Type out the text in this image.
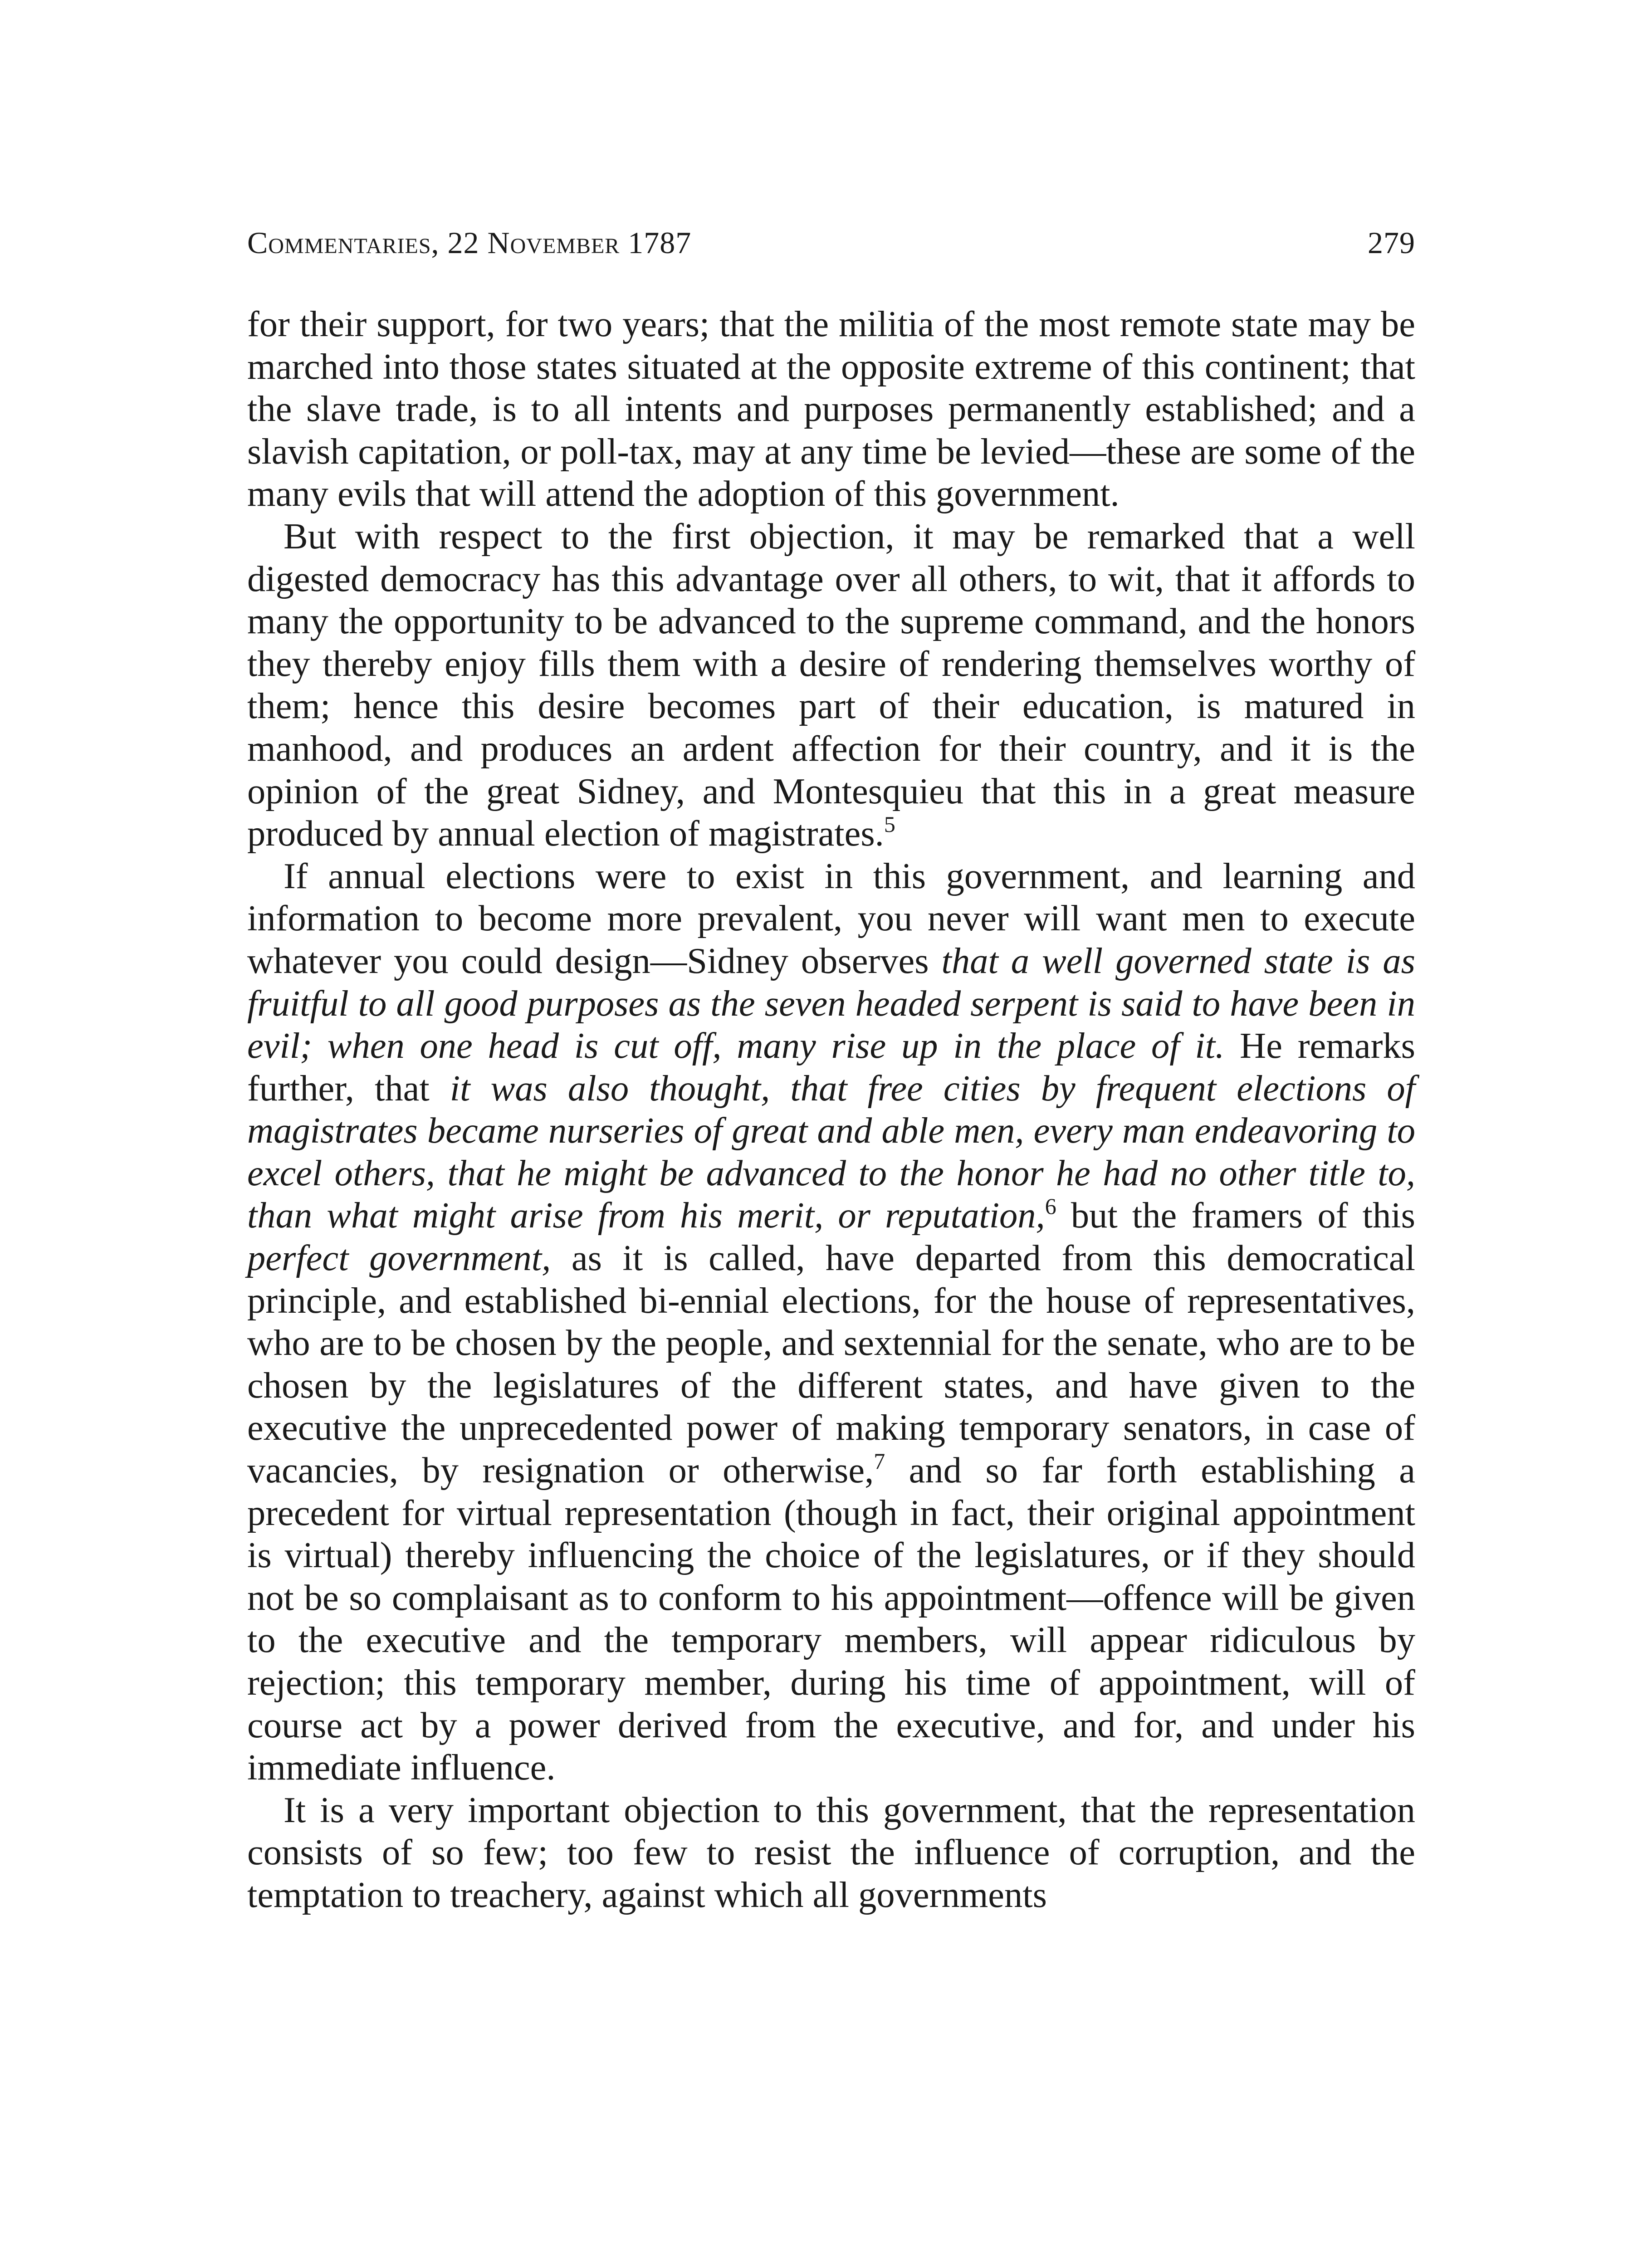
Commentaries, 22 November 1787	279

for their support, for two years; that the militia of the most remote state may be marched into those states situated at the opposite extreme of this continent; that the slave trade, is to all intents and purposes permanently established; and a slavish capitation, or poll-tax, may at any time be levied—these are some of the many evils that will attend the adoption of this government.

But with respect to the first objection, it may be remarked that a well digested democracy has this advantage over all others, to wit, that it affords to many the opportunity to be advanced to the supreme command, and the honors they thereby enjoy fills them with a desire of rendering themselves worthy of them; hence this desire becomes part of their education, is matured in manhood, and produces an ardent affection for their country, and it is the opinion of the great Sidney, and Montesquieu that this in a great measure produced by annual election of magistrates.$^5$

If annual elections were to exist in this government, and learning and information to become more prevalent, you never will want men to execute whatever you could design—Sidney observes that a well governed state is as fruitful to all good purposes as the seven headed serpent is said to have been in evil; when one head is cut off, many rise up in the place of it. He remarks further, that it was also thought, that free cities by frequent elections of magistrates became nurseries of great and able men, every man endeavoring to excel others, that he might be advanced to the honor he had no other title to, than what might arise from his merit, or reputation,$^6$ but the framers of this perfect government, as it is called, have departed from this democratical principle, and established bi-ennial elections, for the house of representatives, who are to be chosen by the people, and sextennial for the senate, who are to be chosen by the legislatures of the different states, and have given to the executive the unprecedented power of making temporary senators, in case of vacancies, by resignation or otherwise,$^7$ and so far forth establishing a precedent for virtual representation (though in fact, their original appointment is virtual) thereby influencing the choice of the legislatures, or if they should not be so complaisant as to conform to his appointment—offence will be given to the executive and the temporary members, will appear ridiculous by rejection; this temporary member, during his time of appointment, will of course act by a power derived from the executive, and for, and under his immediate influence.

It is a very important objection to this government, that the representation consists of so few; too few to resist the influence of corruption, and the temptation to treachery, against which all governments
